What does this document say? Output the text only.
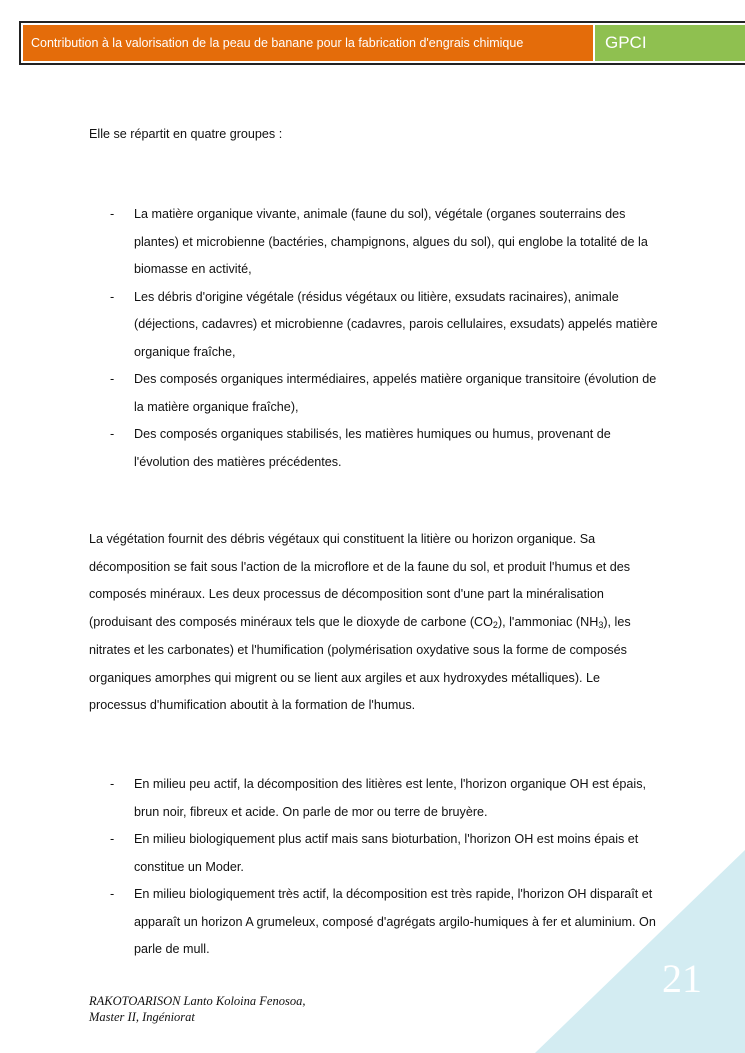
Contribution à la valorisation de la peau de banane pour la fabrication d'engrais chimique	GPCI

Elle se répartit en quatre groupes :

- La matière organique vivante, animale (faune du sol), végétale (organes souterrains des plantes) et microbienne (bactéries, champignons, algues du sol), qui englobe la totalité de la biomasse en activité,
- Les débris d'origine végétale (résidus végétaux ou litière, exsudats racinaires), animale (déjections, cadavres) et microbienne (cadavres, parois cellulaires, exsudats) appelés matière organique fraîche,
- Des composés organiques intermédiaires, appelés matière organique transitoire (évolution de la matière organique fraîche),
- Des composés organiques stabilisés, les matières humiques ou humus, provenant de l'évolution des matières précédentes.

La végétation fournit des débris végétaux qui constituent la litière ou horizon organique. Sa décomposition se fait sous l'action de la microflore et de la faune du sol, et produit l'humus et des composés minéraux. Les deux processus de décomposition sont d'une part la minéralisation (produisant des composés minéraux tels que le dioxyde de carbone $(CO_2)$, l'ammoniac $(NH_3)$, les nitrates et les carbonates) et l'humification (polymérisation oxydative sous la forme de composés organiques amorphes qui migrent ou se lient aux argiles et aux hydroxydes métalliques). Le processus d'humification aboutit à la formation de l'humus.

- En milieu peu actif, la décomposition des litières est lente, l'horizon organique OH est épais, brun noir, fibreux et acide. On parle de mor ou terre de bruyère.
- En milieu biologiquement plus actif mais sans bioturbation, l'horizon OH est moins épais et constitue un Moder.
- En milieu biologiquement très actif, la décomposition est très rapide, l'horizon OH disparaît et apparaît un horizon A grumeleux, composé d'agrégats argilo-humiques à fer et aluminium. On parle de mull.
RAKOTOARISON Lanto Koloina Fenosoa,
Master II, Ingéniorat
21
